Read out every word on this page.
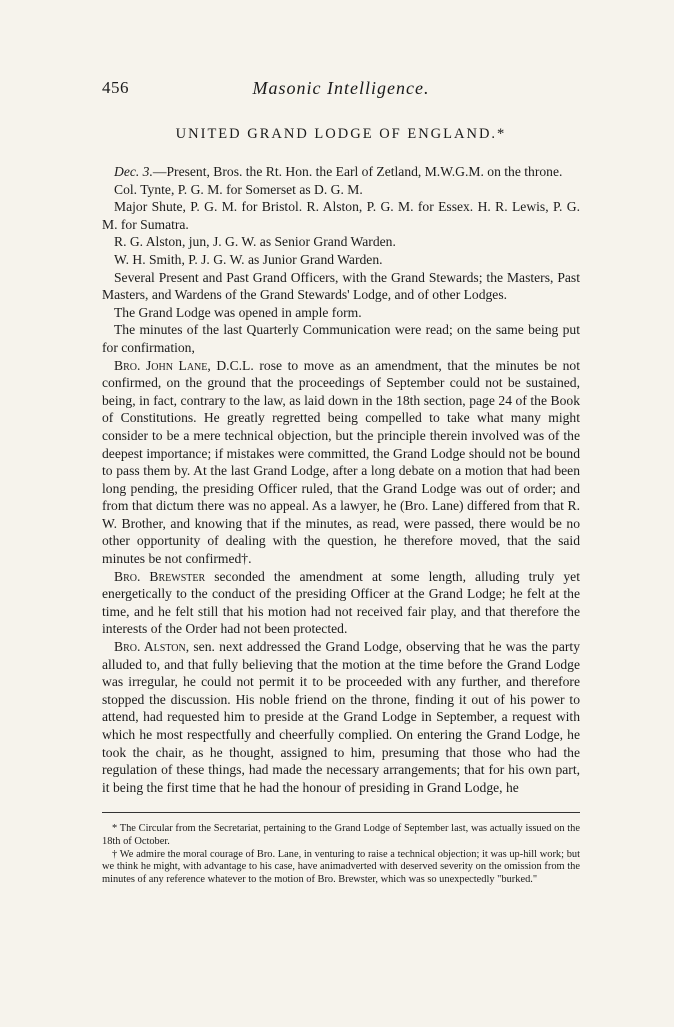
456	Masonic Intelligence.
UNITED GRAND LODGE OF ENGLAND.*

Dec. 3.—Present, Bros. the Rt. Hon. the Earl of Zetland, M.W.G.M. on the throne.

Col. Tynte, P. G. M. for Somerset as D. G. M.

Major Shute, P. G. M. for Bristol. R. Alston, P. G. M. for Essex. H. R. Lewis, P. G. M. for Sumatra.

R. G. Alston, jun, J. G. W. as Senior Grand Warden.

W. H. Smith, P. J. G. W. as Junior Grand Warden.

Several Present and Past Grand Officers, with the Grand Stewards; the Masters, Past Masters, and Wardens of the Grand Stewards' Lodge, and of other Lodges.

The Grand Lodge was opened in ample form.

The minutes of the last Quarterly Communication were read; on the same being put for confirmation,

Bro. John Lane, D.C.L. rose to move as an amendment, that the minutes be not confirmed, on the ground that the proceedings of September could not be sustained, being, in fact, contrary to the law, as laid down in the 18th section, page 24 of the Book of Constitutions. He greatly regretted being compelled to take what many might consider to be a mere technical objection, but the principle therein involved was of the deepest importance; if mistakes were committed, the Grand Lodge should not be bound to pass them by. At the last Grand Lodge, after a long debate on a motion that had been long pending, the presiding Officer ruled, that the Grand Lodge was out of order; and from that dictum there was no appeal. As a lawyer, he (Bro. Lane) differed from that R. W. Brother, and knowing that if the minutes, as read, were passed, there would be no other opportunity of dealing with the question, he therefore moved, that the said minutes be not confirmed†.

Bro. Brewster seconded the amendment at some length, alluding truly yet energetically to the conduct of the presiding Officer at the Grand Lodge; he felt at the time, and he felt still that his motion had not received fair play, and that therefore the interests of the Order had not been protected.

Bro. Alston, sen. next addressed the Grand Lodge, observing that he was the party alluded to, and that fully believing that the motion at the time before the Grand Lodge was irregular, he could not permit it to be proceeded with any further, and therefore stopped the discussion. His noble friend on the throne, finding it out of his power to attend, had requested him to preside at the Grand Lodge in September, a request with which he most respectfully and cheerfully complied. On entering the Grand Lodge, he took the chair, as he thought, assigned to him, presuming that those who had the regulation of these things, had made the necessary arrangements; that for his own part, it being the first time that he had the honour of presiding in Grand Lodge, he

* The Circular from the Secretariat, pertaining to the Grand Lodge of September last, was actually issued on the 18th of October.

† We admire the moral courage of Bro. Lane, in venturing to raise a technical objection; it was up-hill work; but we think he might, with advantage to his case, have animadverted with deserved severity on the omission from the minutes of any reference whatever to the motion of Bro. Brewster, which was so unexpectedly "burked."
